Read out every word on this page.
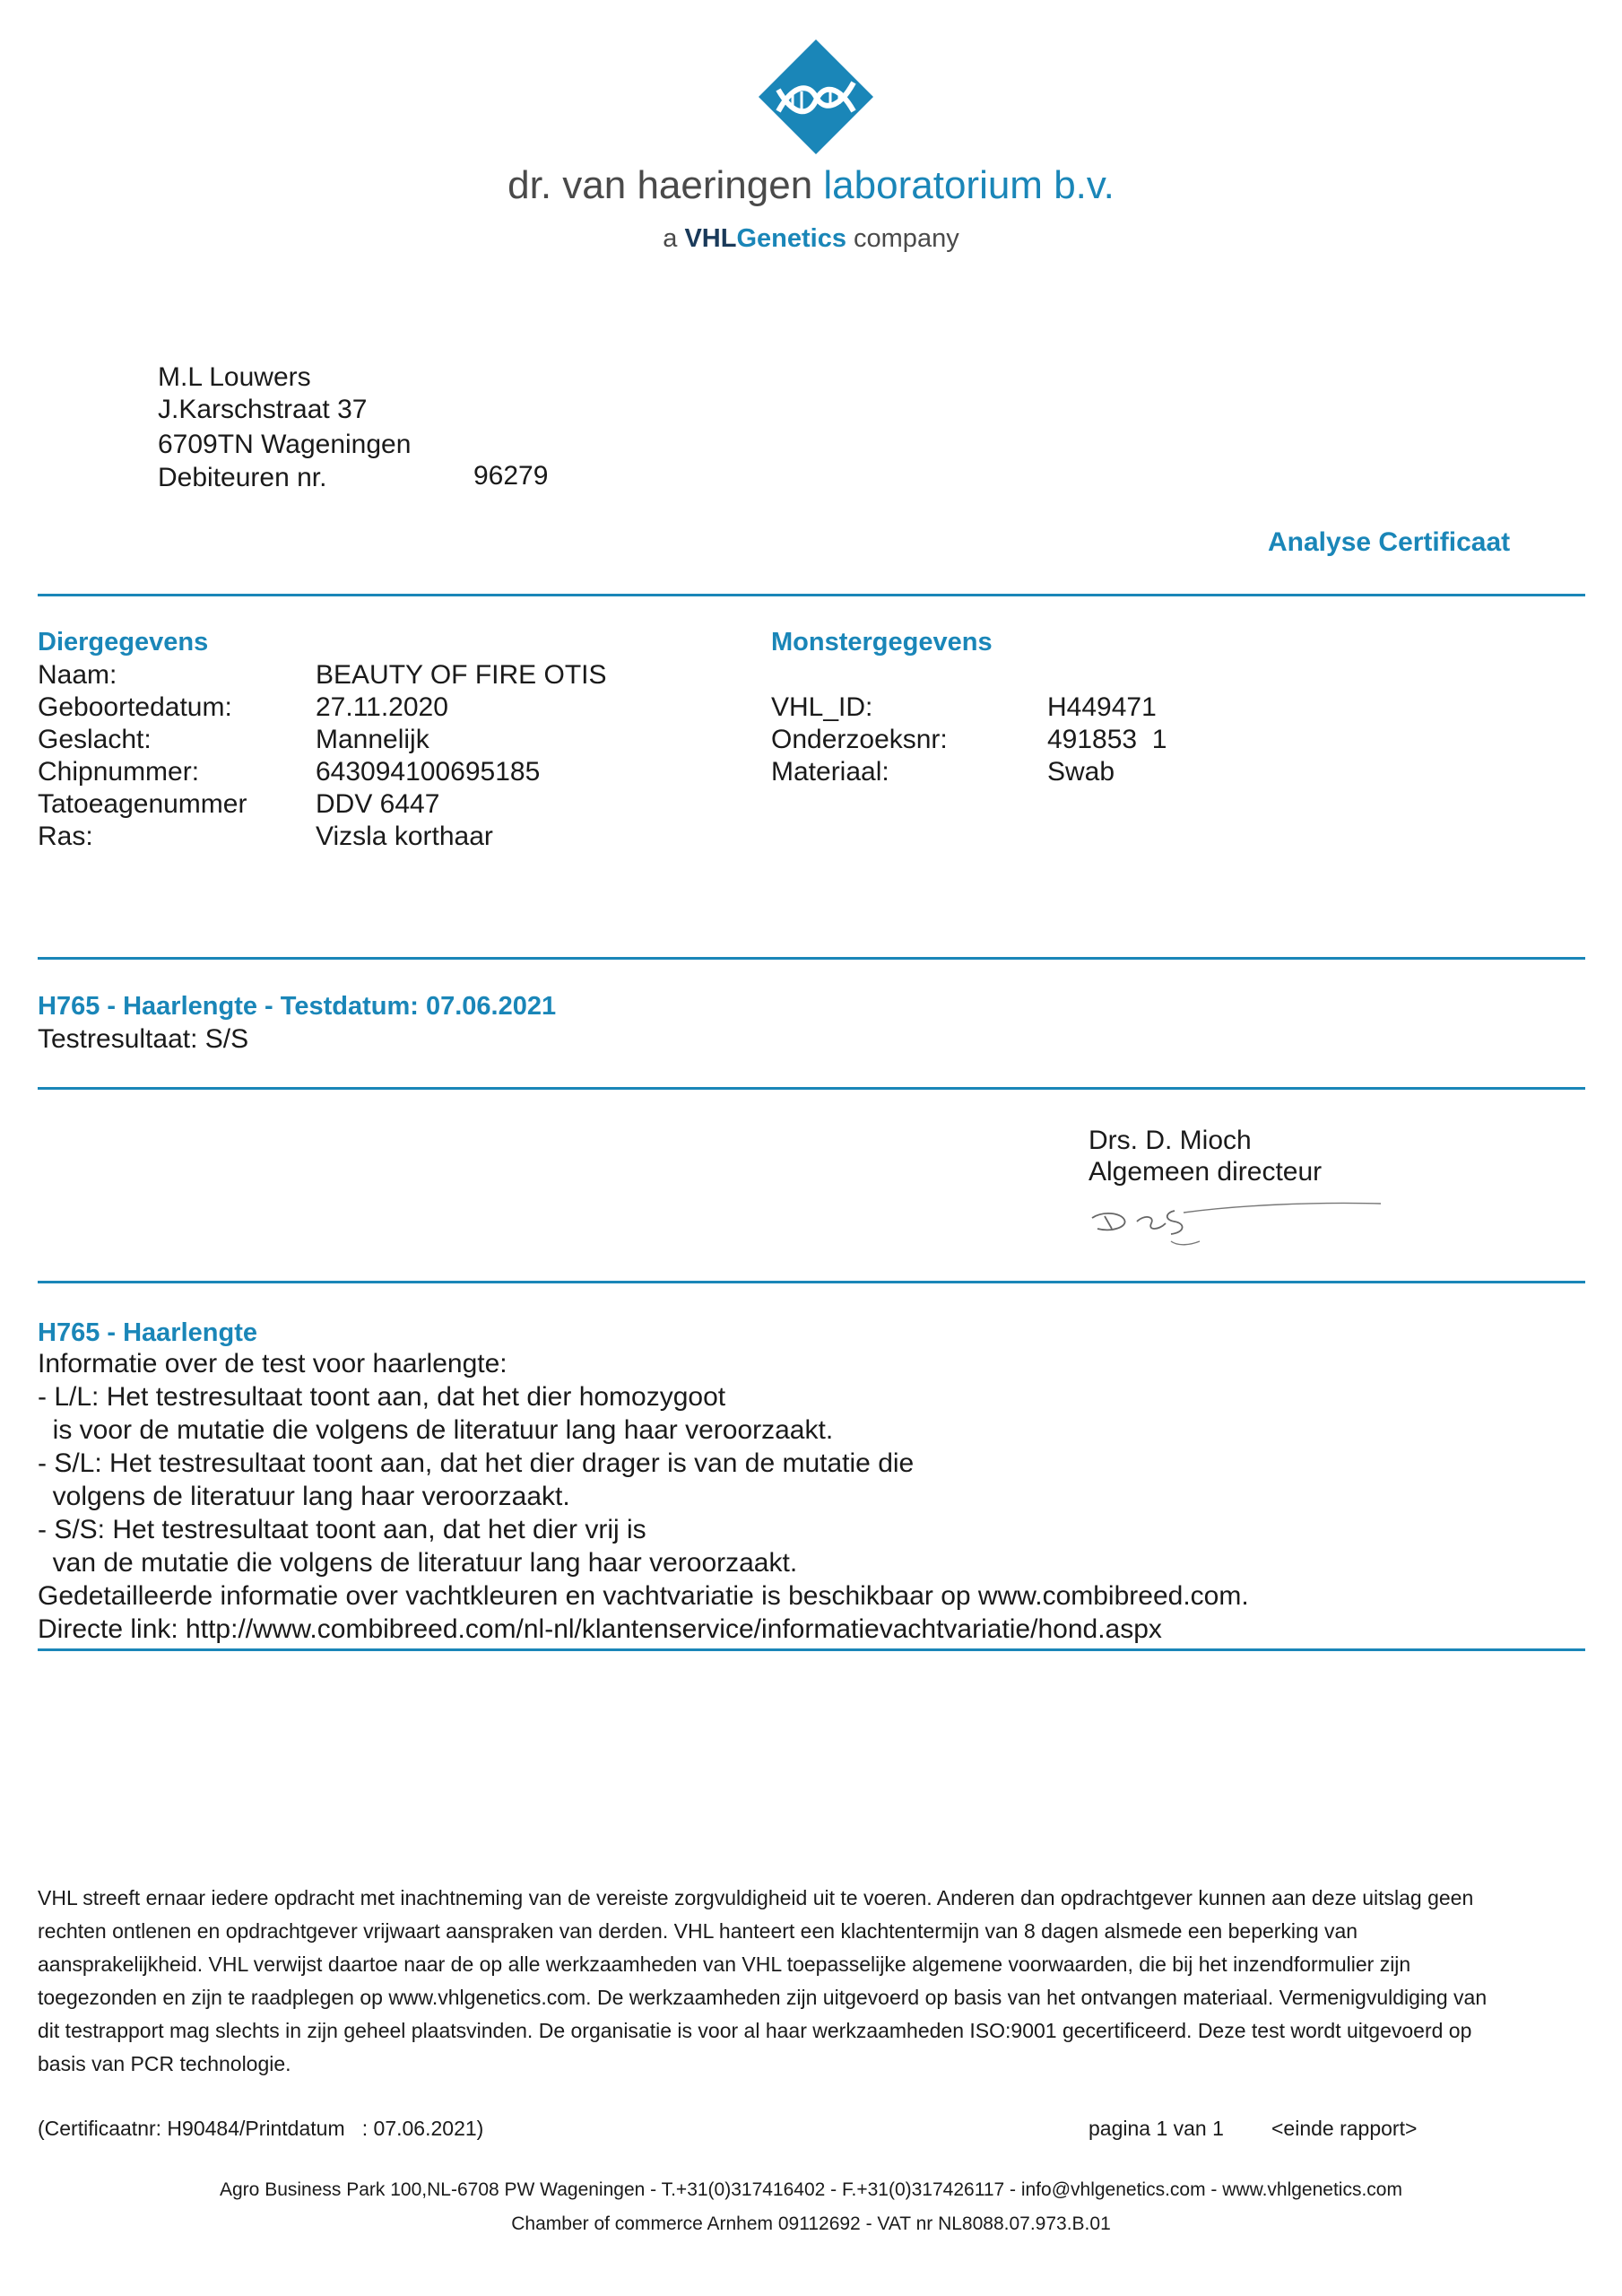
dr. van haeringen laboratorium b.v.
a VHLGenetics company
M.L Louwers
J.Karschstraat 37
6709TN Wageningen
Debiteuren nr.	96279
Analyse Certificaat
Diergegevens
Naam:	BEAUTY OF FIRE OTIS
Geboortedatum:	27.11.2020
Geslacht:	Mannelijk
Chipnummer:	643094100695185
Tatoeagenummer	DDV 6447
Ras:	Vizsla korthaar
Monstergegevens
VHL_ID:	H449471
Onderzoeksnr:	491853  1
Materiaal:	Swab
H765 - Haarlengte - Testdatum: 07.06.2021
Testresultaat: S/S
Drs. D. Mioch
Algemeen directeur
H765 - Haarlengte
Informatie over de test voor haarlengte:
- L/L: Het testresultaat toont aan, dat het dier homozygoot
is voor de mutatie die volgens de literatuur lang haar veroorzaakt.
- S/L: Het testresultaat toont aan, dat het dier drager is van de mutatie die
volgens de literatuur lang haar veroorzaakt.
- S/S: Het testresultaat toont aan, dat het dier vrij is
van de mutatie die volgens de literatuur lang haar veroorzaakt.
Gedetailleerde informatie over vachtkleuren en vachtvariatie is beschikbaar op www.combibreed.com.
Directe link: http://www.combibreed.com/nl-nl/klantenservice/informatievachtvariatie/hond.aspx
VHL streeft ernaar iedere opdracht met inachtneming van de vereiste zorgvuldigheid uit te voeren. Anderen dan opdrachtgever kunnen aan deze uitslag geen rechten ontlenen en opdrachtgever vrijwaart aanspraken van derden. VHL hanteert een klachtentermijn van 8 dagen alsmede een beperking van aansprakelijkheid. VHL verwijst daartoe naar de op alle werkzaamheden van VHL toepasselijke algemene voorwaarden, die bij het inzendformulier zijn toegezonden en zijn te raadplegen op www.vhlgenetics.com. De werkzaamheden zijn uitgevoerd op basis van het ontvangen materiaal. Vermenigvuldiging van dit testrapport mag slechts in zijn geheel plaatsvinden. De organisatie is voor al haar werkzaamheden ISO:9001 gecertificeerd. Deze test wordt uitgevoerd op basis van PCR technologie.
(Certificaatnr: H90484/Printdatum   : 07.06.2021)	pagina 1 van 1 <einde rapport>
Agro Business Park 100,NL-6708 PW Wageningen - T.+31(0)317416402 - F.+31(0)317426117 - info@vhlgenetics.com - www.vhlgenetics.com
Chamber of commerce Arnhem 09112692 - VAT nr NL8088.07.973.B.01
